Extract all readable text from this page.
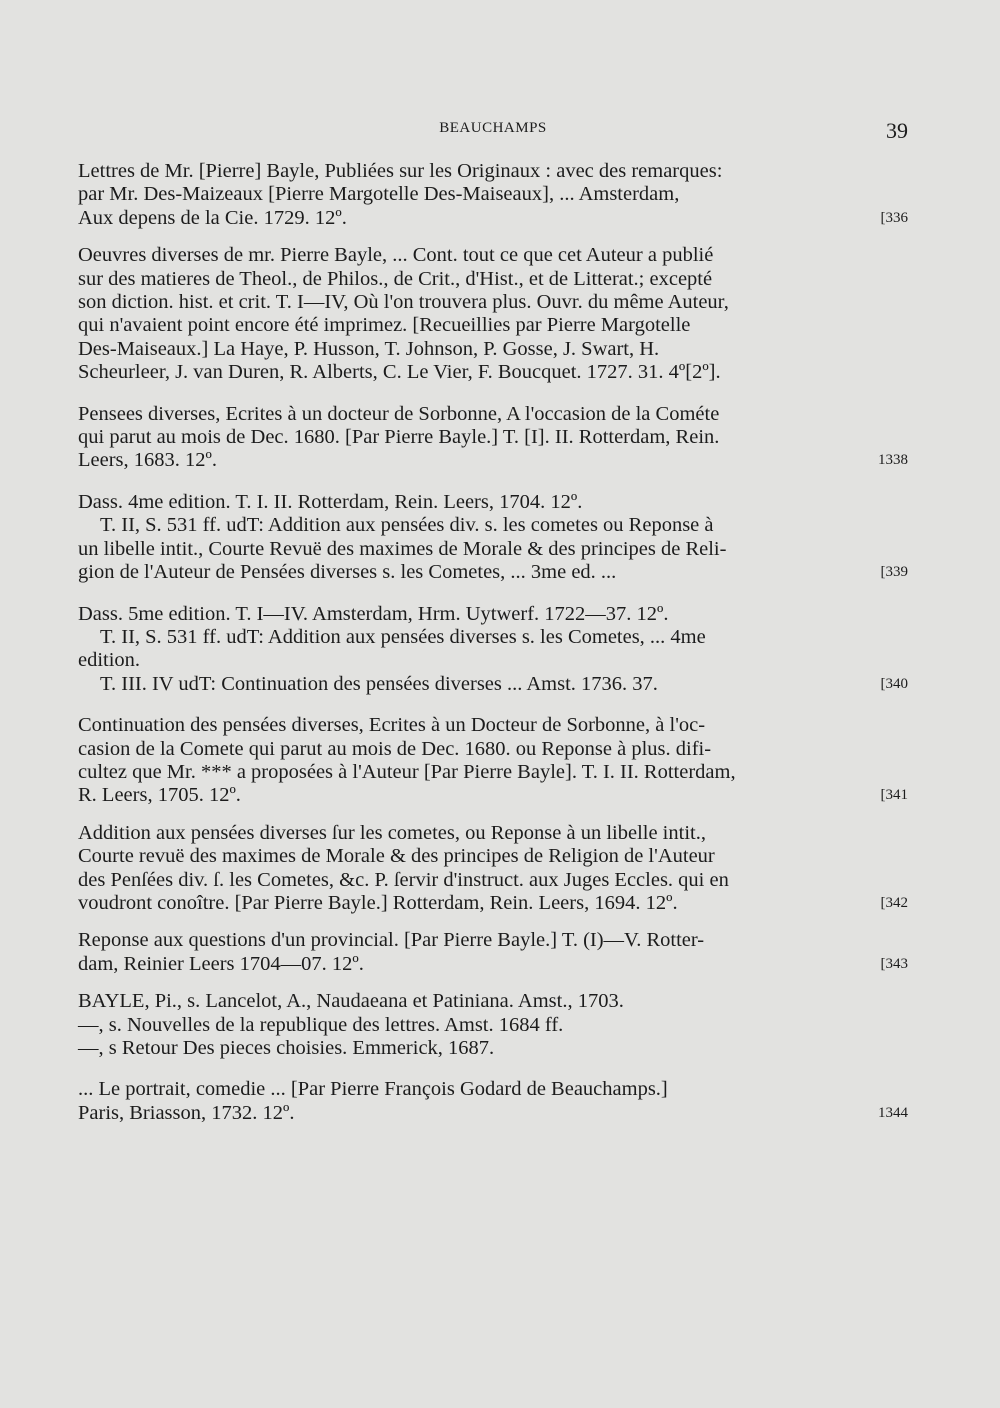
BEAUCHAMPS	39

Lettres de Mr. [Pierre] Bayle, Publiées sur les Originaux : avec des remarques:

par Mr. Des-Maizeaux [Pierre Margotelle Des-Maiseaux], ... Amsterdam,

Aux depens de la Cie. 1729. 12º.	[336

Oeuvres diverses de mr. Pierre Bayle, ... Cont. tout ce que cet Auteur a publié

sur des matieres de Theol., de Philos., de Crit., d'Hist., et de Litterat.; excepté

son diction. hist. et crit. T. I—IV, Où l'on trouvera plus. Ouvr. du même Auteur,

qui n'avaient point encore été imprimez. [Recueillies par Pierre Margotelle

Des-Maiseaux.] La Haye, P. Husson, T. Johnson, P. Gosse, J. Swart, H.

Scheurleer, J. van Duren, R. Alberts, C. Le Vier, F. Boucquet. 1727. 31. 4º[2º].

Pensees diverses, Ecrites à un docteur de Sorbonne, A l'occasion de la Cométe

qui parut au mois de Dec. 1680. [Par Pierre Bayle.] T. [I]. II. Rotterdam, Rein.

Leers, 1683. 12º.	1338

Dass. 4me edition. T. I. II. Rotterdam, Rein. Leers, 1704. 12º.

T. II, S. 531 ff. udT: Addition aux pensées div. s. les cometes ou Reponse à

un libelle intit., Courte Revuë des maximes de Morale & des principes de Reli-

gion de l'Auteur de Pensées diverses s. les Cometes, ... 3me ed. ...	[339

Dass. 5me edition. T. I—IV. Amsterdam, Hrm. Uytwerf. 1722—37. 12º.

T. II, S. 531 ff. udT: Addition aux pensées diverses s. les Cometes, ... 4me

edition.

T. III. IV udT: Continuation des pensées diverses ... Amst. 1736. 37.	[340

Continuation des pensées diverses, Ecrites à un Docteur de Sorbonne, à l'oc-

casion de la Comete qui parut au mois de Dec. 1680. ou Reponse à plus. difi-

cultez que Mr. *** a proposées à l'Auteur [Par Pierre Bayle]. T. I. II. Rotterdam,

R. Leers, 1705. 12º.	[341

Addition aux pensées diverses ſur les cometes, ou Reponse à un libelle intit.,

Courte revuë des maximes de Morale & des principes de Religion de l'Auteur

des Penſées div. ſ. les Cometes, &c. P. ſervir d'instruct. aux Juges Eccles. qui en

voudront conoître. [Par Pierre Bayle.] Rotterdam, Rein. Leers, 1694. 12º.	[342

Reponse aux questions d'un provincial. [Par Pierre Bayle.] T. (I)—V. Rotter-

dam, Reinier Leers 1704—07. 12º.	[343

BAYLE, Pi., s. Lancelot, A., Naudaeana et Patiniana. Amst., 1703.

—, s. Nouvelles de la republique des lettres. Amst. 1684 ff.

—, s Retour Des pieces choisies. Emmerick, 1687.

... Le portrait, comedie ... [Par Pierre François Godard de Beauchamps.]

Paris, Briasson, 1732. 12º.	1344
